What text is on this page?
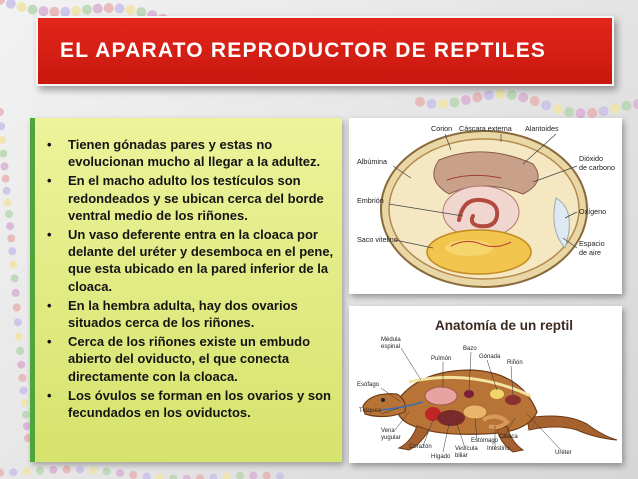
EL APARATO REPRODUCTOR DE REPTILES
• Tienen gónadas pares y estas no evolucionan mucho al llegar a la adultez.
• En el macho adulto los testículos son redondeados y se ubican cerca del borde ventral medio de los riñones.
• Un vaso deferente entra en la cloaca por delante del uréter y desemboca en el pene, que esta ubicado en la pared inferior de la cloaca.
• En la hembra adulta, hay dos ovarios situados cerca de los riñones.
• Cerca de los riñones existe un embudo abierto del oviducto, el que conecta directamente con la cloaca.
• Los óvulos se forman en los ovarios y son fecundados en los oviductos.
Corion Cáscara externa Alantoides
Albúmina	Dióxido
de carbono
Embrión
Oxígeno
Saco vitelino	Espacio
de aire
Anatomía de un reptil
Médula
espinal
Pulmón
Bazo
Gónada
Riñón
Esófago
Tráquea
Vena
yugular
Corazón
Hígado
Vesícula
biliar
Estómago
Cloaca
Intestino
Uréter
